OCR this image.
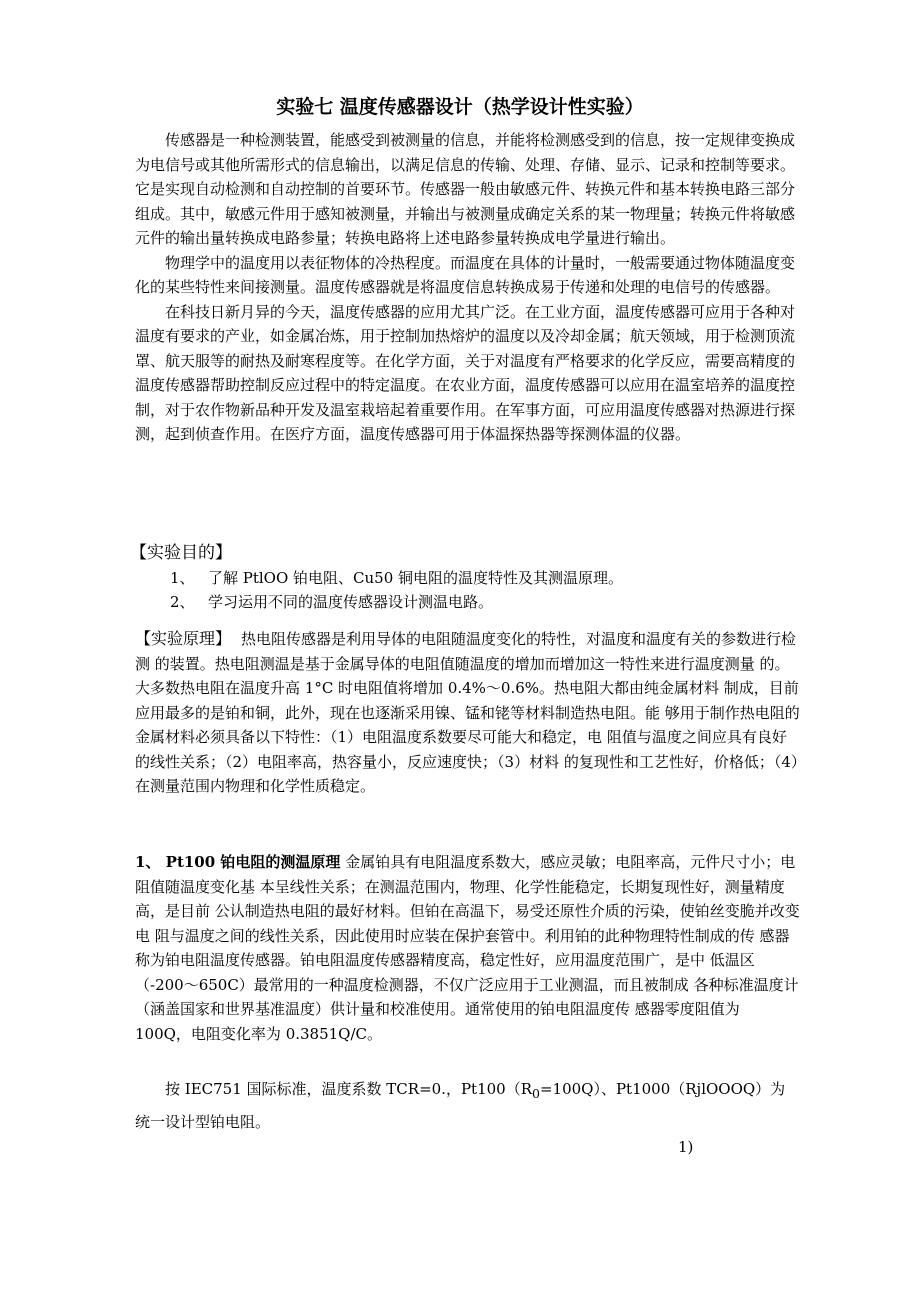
实验七 温度传感器设计（热学设计性实验）

传感器是一种检测装置，能感受到被测量的信息，并能将检测感受到的信息，按一定规律变换成为电信号或其他所需形式的信息输出，以满足信息的传输、处理、存储、显示、记录和控制等要求。它是实现自动检测和自动控制的首要环节。传感器一般由敏感元件、转换元件和基本转换电路三部分组成。其中，敏感元件用于感知被测量，并输出与被测量成确定关系的某一物理量；转换元件将敏感元件的输出量转换成电路参量；转换电路将上述电路参量转换成电学量进行输出。

物理学中的温度用以表征物体的冷热程度。而温度在具体的计量时，一般需要通过物体随温度变化的某些特性来间接测量。温度传感器就是将温度信息转换成易于传递和处理的电信号的传感器。

在科技日新月异的今天，温度传感器的应用尤其广泛。在工业方面，温度传感器可应用于各种对温度有要求的产业，如金属冶炼，用于控制加热熔炉的温度以及冷却金属；航天领域，用于检测顶流罩、航天服等的耐热及耐寒程度等。在化学方面，关于对温度有严格要求的化学反应，需要高精度的温度传感器帮助控制反应过程中的特定温度。在农业方面，温度传感器可以应用在温室培养的温度控制，对于农作物新品种开发及温室栽培起着重要作用。在军事方面，可应用温度传感器对热源进行探测，起到侦查作用。在医疗方面，温度传感器可用于体温探热器等探测体温的仪器。

【实验目的】
1、 了解 PtlOO 铂电阻、Cu50 铜电阻的温度特性及其测温原理。
2、 学习运用不同的温度传感器设计测温电路。

【实验原理】 热电阻传感器是利用导体的电阻随温度变化的特性，对温度和温度有关的参数进行检测 的装置。热电阻测温是基于金属导体的电阻值随温度的增加而增加这一特性来进行温度测量 的。大多数热电阻在温度升高 1°C 时电阻值将增加 0.4%～0.6%。热电阻大都由纯金属材料 制成，目前应用最多的是铂和铜，此外，现在也逐渐采用镍、锰和铑等材料制造热电阻。能 够用于制作热电阻的金属材料必须具备以下特性：（1）电阻温度系数要尽可能大和稳定，电 阻值与温度之间应具有良好的线性关系；（2）电阻率高，热容量小，反应速度快；（3）材料 的复现性和工艺性好，价格低；（4）在测量范围内物理和化学性质稳定。

1、 Pt100 铂电阻的测温原理 金属铂具有电阻温度系数大，感应灵敏；电阻率高，元件尺寸小；电阻值随温度变化基 本呈线性关系；在测温范围内，物理、化学性能稳定，长期复现性好，测量精度高，是目前 公认制造热电阻的最好材料。但铂在高温下，易受还原性介质的污染，使铂丝变脆并改变电 阻与温度之间的线性关系，因此使用时应装在保护套管中。利用铂的此种物理特性制成的传 感器称为铂电阻温度传感器。铂电阻温度传感器精度高，稳定性好，应用温度范围广，是中 低温区（-200～650C）最常用的一种温度检测器，不仅广泛应用于工业测温，而且被制成 各种标准温度计（涵盖国家和世界基准温度）供计量和校准使用。通常使用的铂电阻温度传 感器零度阻值为 100Q，电阻变化率为 0.3851Q/C。

按 IEC751 国际标准，温度系数 TCR=0.，$Pt100(R_0=100Q)$、Pt1000（RjlOOOQ）为 统一设计型铂电阻。

1)
